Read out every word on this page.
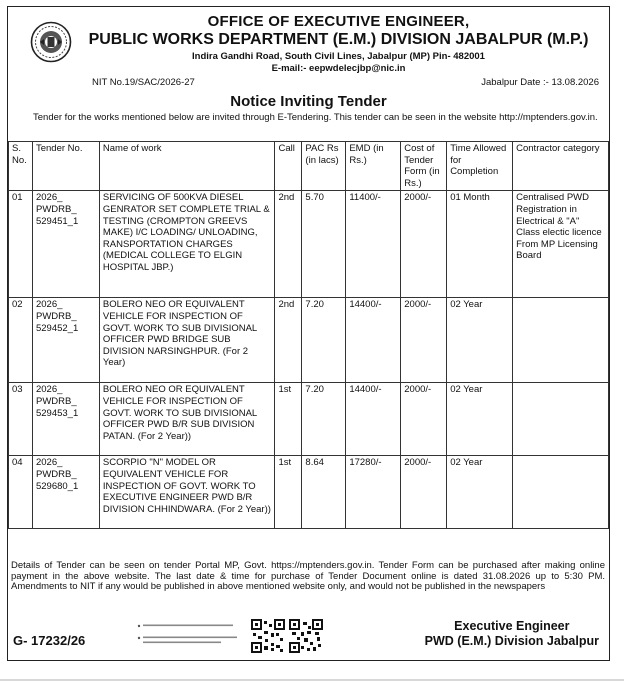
OFFICE OF EXECUTIVE ENGINEER,
PUBLIC WORKS DEPARTMENT (E.M.) DIVISION JABALPUR (M.P.)
Indira Gandhi Road, South Civil Lines, Jabalpur (MP) Pin- 482001
E-mail:- eepwdelecjbp@nic.in
NIT No.19/SAC/2026-27	Jabalpur Date :- 13.08.2026
Notice Inviting Tender
Tender for the works mentioned below are invited through E-Tendering. This tender can be seen in the website http://mptenders.gov.in.
S. No.	Tender No.	Name of work	Call	PAC Rs (in lacs)	EMD (in Rs.)	Cost of Tender Form (in Rs.)	Time Allowed for Completion	Contractor category
01	2026_ PWDRB_ 529451_1	SERVICING OF 500KVA DIESEL GENRATOR SET COMPLETE TRIAL & TESTING (CROMPTON GREEVS MAKE) I/C LOADING/ UNLOADING, RANSPORTATION CHARGES (MEDICAL COLLEGE TO ELGIN HOSPITAL JBP.)	2nd	5.70	11400/-	2000/-	01 Month	Centralised PWD Registration in Electrical & "A" Class electic licence From MP Licensing Board
02	2026_ PWDRB_ 529452_1	BOLERO NEO OR EQUIVALENT VEHICLE FOR INSPECTION OF GOVT. WORK TO SUB DIVISIONAL OFFICER PWD BRIDGE SUB DIVISION NARSINGHPUR. (For 2 Year)	2nd	7.20	14400/-	2000/-	02 Year	
03	2026_ PWDRB_ 529453_1	BOLERO NEO OR EQUIVALENT VEHICLE FOR INSPECTION OF GOVT. WORK TO SUB DIVISIONAL OFFICER PWD B/R SUB DIVISION PATAN. (For 2 Year))	1st	7.20	14400/-	2000/-	02 Year	
04	2026_ PWDRB_ 529680_1	SCORPIO "N" MODEL OR EQUIVALENT VEHICLE FOR INSPECTION OF GOVT. WORK TO EXECUTIVE ENGINEER PWD B/R DIVISION CHHINDWARA. (For 2 Year))	1st	8.64	17280/-	2000/-	02 Year	
Details of Tender can be seen on tender Portal MP, Govt. https://mptenders.gov.in. Tender Form can be purchased after making online payment in the above website. The last date & time for purchase of Tender Document online is dated 31.08.2026 up to 5:30 PM. Amendments to NIT if any would be published in above mentioned website only, and would not be published in the newspapers
G- 17232/26
Executive Engineer
PWD (E.M.) Division Jabalpur
